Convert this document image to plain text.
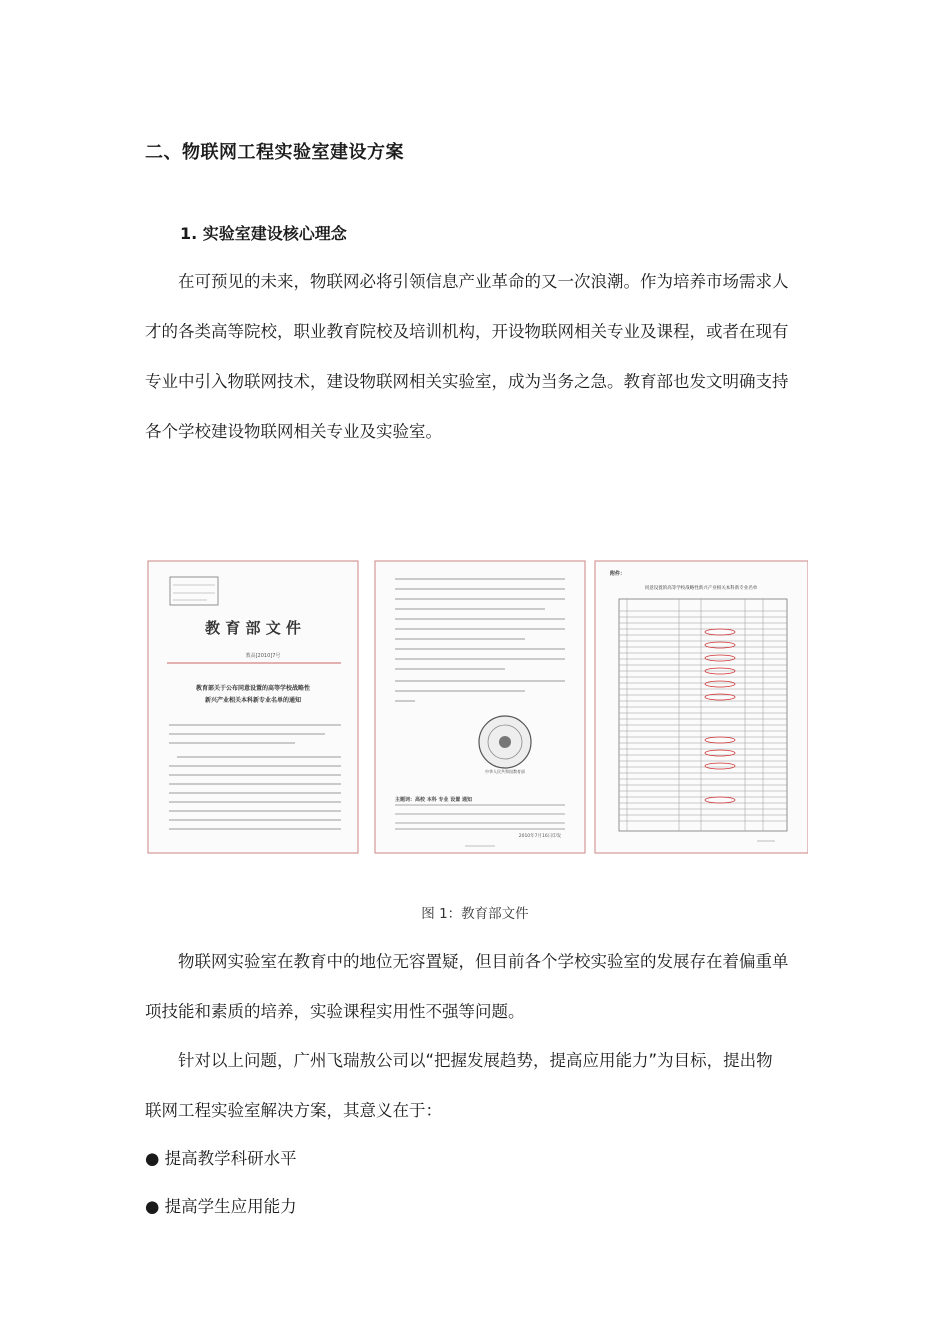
二、物联网工程实验室建设方案
1. 实验室建设核心理念
在可预见的未来，物联网必将引领信息产业革命的又一次浪潮。作为培养市场需求人
才的各类高等院校，职业教育院校及培训机构，开设物联网相关专业及课程，或者在现有
专业中引入物联网技术，建设物联网相关实验室，成为当务之急。教育部也发文明确支持
各个学校建设物联网相关专业及实验室。
教 育 部 文 件
教高[2010]7号
教育部关于公布同意设置的高等学校战略性
新兴产业相关本科新专业名单的通知
中华人民共和国教育部
主题词：高校 本科 专业 设置 通知
2010年7月16日印发
附件：
同意设置的高等学校战略性新兴产业相关本科新专业名单
图 1：教育部文件
物联网实验室在教育中的地位无容置疑，但目前各个学校实验室的发展存在着偏重单
项技能和素质的培养，实验课程实用性不强等问题。
针对以上问题，广州飞瑞敖公司以“把握发展趋势，提高应用能力”为目标，提出物
联网工程实验室解决方案，其意义在于：
● 提高教学科研水平
● 提高学生应用能力
